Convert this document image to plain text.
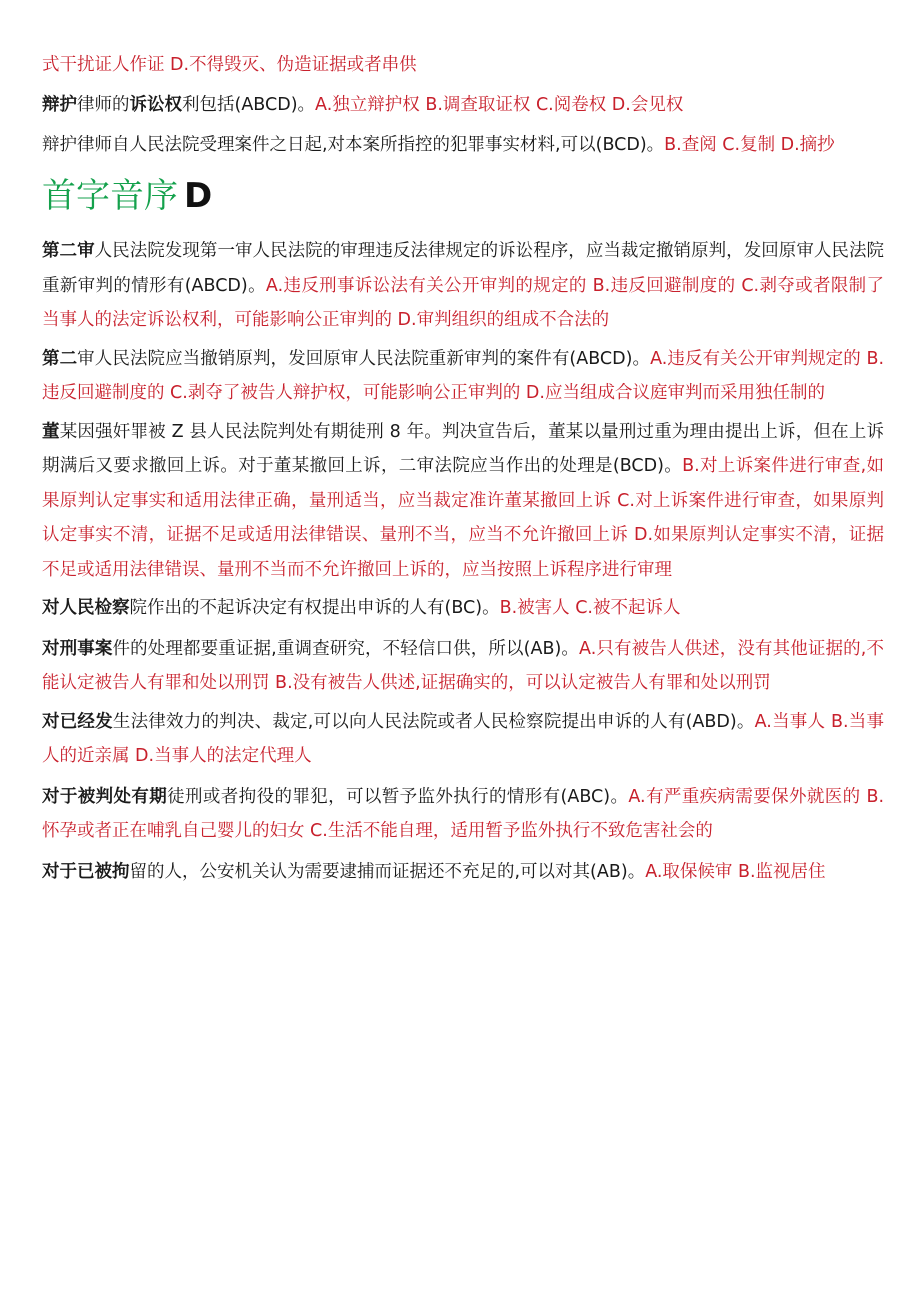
式干扰证人作证 D.不得毁灭、伪造证据或者串供

辩护律师的诉讼权利包括(ABCD)。A.独立辩护权 B.调查取证权 C.阅卷权 D.会见权

辩护律师自人民法院受理案件之日起,对本案所指控的犯罪事实材料,可以(BCD)。B.查阅 C.复制 D.摘抄

首字音序 D

第二审人民法院发现第一审人民法院的审理违反法律规定的诉讼程序，应当裁定撤销原判，发回原审人民法院重新审判的情形有(ABCD)。A.违反刑事诉讼法有关公开审判的规定的 B.违反回避制度的 C.剥夺或者限制了当事人的法定诉讼权利，可能影响公正审判的 D.审判组织的组成不合法的

第二审人民法院应当撤销原判，发回原审人民法院重新审判的案件有(ABCD)。A.违反有关公开审判规定的 B.违反回避制度的 C.剥夺了被告人辩护权，可能影响公正审判的 D.应当组成合议庭审判而采用独任制的

董某因强奸罪被 Z 县人民法院判处有期徒刑 8 年。判决宣告后，董某以量刑过重为理由提出上诉，但在上诉期满后又要求撤回上诉。对于董某撤回上诉，二审法院应当作出的处理是(BCD)。B.对上诉案件进行审查,如果原判认定事实和适用法律正确，量刑适当，应当裁定准许董某撤回上诉 C.对上诉案件进行审查，如果原判认定事实不清，证据不足或适用法律错误、量刑不当，应当不允许撤回上诉 D.如果原判认定事实不清，证据不足或适用法律错误、量刑不当而不允许撤回上诉的，应当按照上诉程序进行审理

对人民检察院作出的不起诉决定有权提出申诉的人有(BC)。B.被害人 C.被不起诉人

对刑事案件的处理都要重证据,重调查研究，不轻信口供，所以(AB)。A.只有被告人供述，没有其他证据的,不能认定被告人有罪和处以刑罚 B.没有被告人供述,证据确实的，可以认定被告人有罪和处以刑罚

对已经发生法律效力的判决、裁定,可以向人民法院或者人民检察院提出申诉的人有(ABD)。A.当事人 B.当事人的近亲属 D.当事人的法定代理人

对于被判处有期徒刑或者拘役的罪犯，可以暂予监外执行的情形有(ABC)。A.有严重疾病需要保外就医的 B.怀孕或者正在哺乳自己婴儿的妇女 C.生活不能自理，适用暂予监外执行不致危害社会的

对于已被拘留的人，公安机关认为需要逮捕而证据还不充足的,可以对其(AB)。A.取保候审 B.监视居住
